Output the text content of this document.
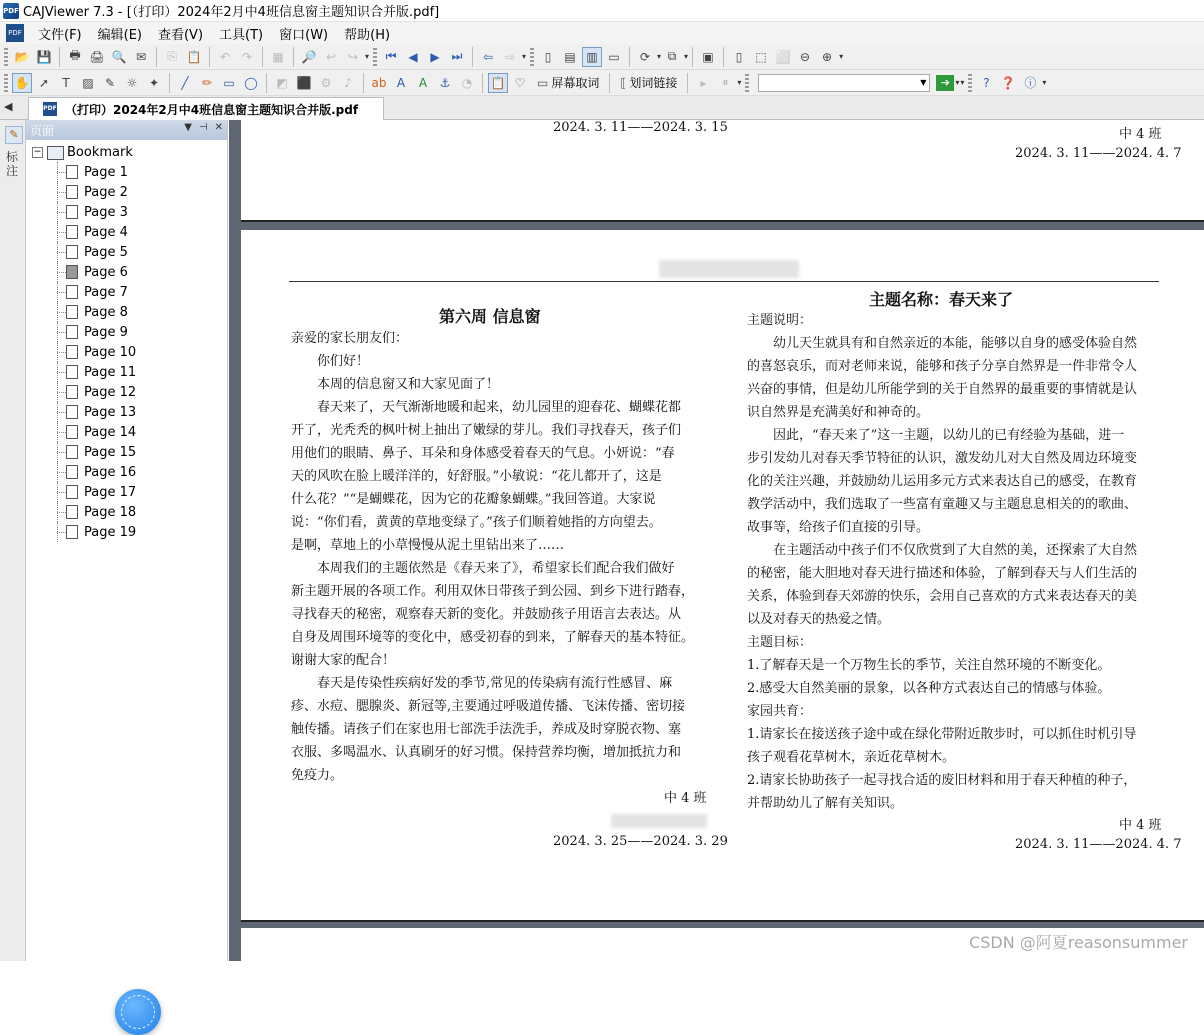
PDF CAJViewer 7.3 - [（打印）2024年2月中4班信息窗主题知识合并版.pdf]
PDF	文件(F)	编辑(E)	查看(V)	工具(T)	窗口(W)	帮助(H)
📂 💾	🖶 🖨 🔍 ✉	⎘ 📋	↶ ↷	▦	🔎 ↩ ↪ ▾	⏮ ◀	▶ ⏭	⇦ ⇨ ▾	▯	▤ ▥ ▭	⟳ ▾ ⧉ ▾	▣	▯	⬚ ⬜ ⊖ ⊕ ▾
✋ ➚	T	▨ ✎ ☼ ✦	╱	✏ ▭ ◯	◩ ⬛ ⚙	♪	ab A	A	⚓ ◔	📋 ♡ ▭ 屏幕取词 ⟦ 划词链接	▸	⏸	▾	▼	➔ ▾ ▾	? ❓ ⓘ ▾
◀	PDF （打印）2024年2月中4班信息窗主题知识合并版.pdf
✎
标注
页面	▼ ⊣ ✕
− Bookmark
Page 1
Page 2
Page 3
Page 4
Page 5
Page 6
Page 7
Page 8
Page 9
Page 10
Page 11
Page 12
Page 13
Page 14
Page 15
Page 16
Page 17
Page 18
Page 19
2024. 3. 11——2024. 3. 15	中 4 班
2024. 3. 11——2024. 4. 7
第六周 信息窗
亲爱的家长朋友们：
　　你们好！
　　本周的信息窗又和大家见面了！
　　春天来了，天气渐渐地暖和起来，幼儿园里的迎春花、蝴蝶花都
开了，光秃秃的枫叶树上抽出了嫩绿的芽儿。我们寻找春天，孩子们
用他们的眼睛、鼻子、耳朵和身体感受着春天的气息。小妍说：“春
天的风吹在脸上暖洋洋的，好舒服。”小敏说：“花儿都开了，这是
什么花？”“是蝴蝶花，因为它的花瓣象蝴蝶。”我回答道。大家说
说：“你们看，黄黄的草地变绿了。”孩子们顺着她指的方向望去。
是啊，草地上的小草慢慢从泥土里钻出来了……
　　本周我们的主题依然是《春天来了》，希望家长们配合我们做好
新主题开展的各项工作。利用双休日带孩子到公园、到乡下进行踏春，
寻找春天的秘密，观察春天新的变化。并鼓励孩子用语言去表达。从
自身及周围环境等的变化中，感受初春的到来，了解春天的基本特征。
谢谢大家的配合！
　　春天是传染性疾病好发的季节,常见的传染病有流行性感冒、麻
疹、水痘、腮腺炎、新冠等,主要通过呼吸道传播、飞沫传播、密切接
触传播。请孩子们在家也用七部洗手法洗手，养成及时穿脱衣物、塞
衣服、多喝温水、认真刷牙的好习惯。保持营养均衡，增加抵抗力和
免疫力。
中 4 班
2024. 3. 25——2024. 3. 29
主题名称：春天来了
主题说明：
　　幼儿天生就具有和自然亲近的本能，能够以自身的感受体验自然
的喜怒哀乐，而对老师来说，能够和孩子分享自然界是一件非常令人
兴奋的事情，但是幼儿所能学到的关于自然界的最重要的事情就是认
识自然界是充满美好和神奇的。
　　因此，“春天来了”这一主题，以幼儿的已有经验为基础，进一
步引发幼儿对春天季节特征的认识，激发幼儿对大自然及周边环境变
化的关注兴趣，并鼓励幼儿运用多元方式来表达自己的感受，在教育
教学活动中，我们选取了一些富有童趣又与主题息息相关的的歌曲、
故事等，给孩子们直接的引导。
　　在主题活动中孩子们不仅欣赏到了大自然的美，还探索了大自然
的秘密，能大胆地对春天进行描述和体验，了解到春天与人们生活的
关系，体验到春天郊游的快乐，会用自己喜欢的方式来表达春天的美
以及对春天的热爱之情。
主题目标：
1.了解春天是一个万物生长的季节，关注自然环境的不断变化。
2.感受大自然美丽的景象，以各种方式表达自己的情感与体验。
家园共育：
1.请家长在接送孩子途中或在绿化带附近散步时，可以抓住时机引导
孩子观看花草树木，亲近花草树木。
2.请家长协助孩子一起寻找合适的废旧材料和用于春天种植的种子，
并帮助幼儿了解有关知识。
中 4 班
2024. 3. 11——2024. 4. 7
CSDN @阿夏reasonsummer
